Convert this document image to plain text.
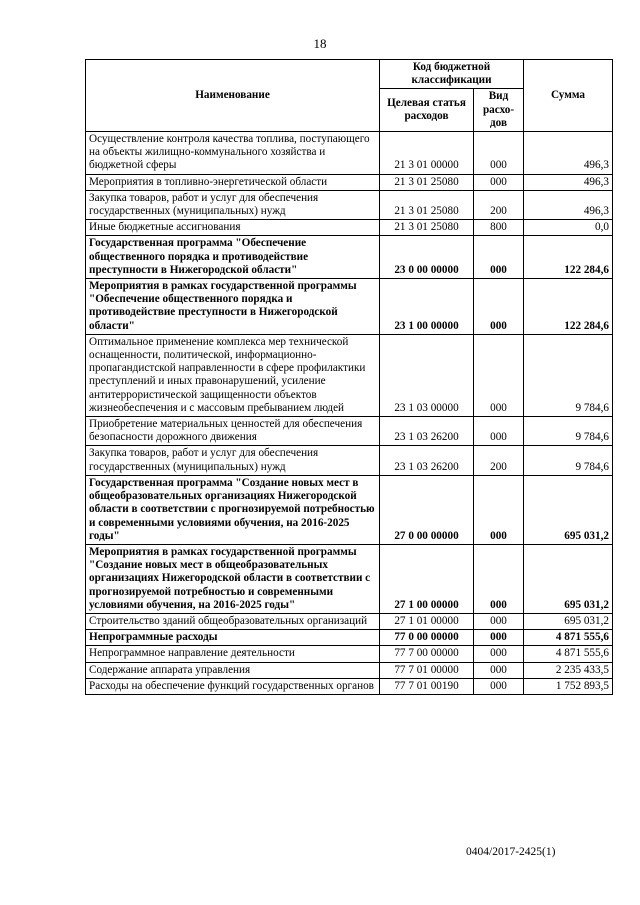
18
Наименование	Код бюджетной классификации		Сумма
	Целевая статья расходов	Вид расхо-дов	
Осуществление контроля качества топлива, поступающего на объекты жилищно-коммунального хозяйства и бюджетной сферы	21 3 01 00000	000	496,3
Мероприятия в топливно-энергетической области	21 3 01 25080	000	496,3
Закупка товаров, работ и услуг для обеспечения государственных (муниципальных) нужд	21 3 01 25080	200	496,3
Иные бюджетные ассигнования	21 3 01 25080	800	0,0
Государственная программа "Обеспечение общественного порядка и противодействие преступности в Нижегородской области"	23 0 00 00000	000	122 284,6
Мероприятия в рамках государственной программы "Обеспечение общественного порядка и противодействие преступности в Нижегородской области"	23 1 00 00000	000	122 284,6
Оптимальное применение комплекса мер технической оснащенности, политической, информационно-пропагандистской направленности в сфере профилактики преступлений и иных правонарушений, усиление антитеррористической защищенности объектов жизнеобеспечения и с массовым пребыванием людей	23 1 03 00000	000	9 784,6
Приобретение материальных ценностей для обеспечения безопасности дорожного движения	23 1 03 26200	000	9 784,6
Закупка товаров, работ и услуг для обеспечения государственных (муниципальных) нужд	23 1 03 26200	200	9 784,6
Государственная программа "Создание новых мест в общеобразовательных организациях Нижегородской области в соответствии с прогнозируемой потребностью и современными условиями обучения, на 2016-2025 годы"	27 0 00 00000	000	695 031,2
Мероприятия в рамках государственной программы "Создание новых мест в общеобразовательных организациях Нижегородской области в соответствии с прогнозируемой потребностью и современными условиями обучения, на 2016-2025 годы"	27 1 00 00000	000	695 031,2
Строительство зданий общеобразовательных организаций	27 1 01 00000	000	695 031,2
Непрограммные расходы	77 0 00 00000	000	4 871 555,6
Непрограммное направление деятельности	77 7 00 00000	000	4 871 555,6
Содержание аппарата управления	77 7 01 00000	000	2 235 433,5
Расходы на обеспечение функций государственных органов	77 7 01 00190	000	1 752 893,5
0404/2017-2425(1)
